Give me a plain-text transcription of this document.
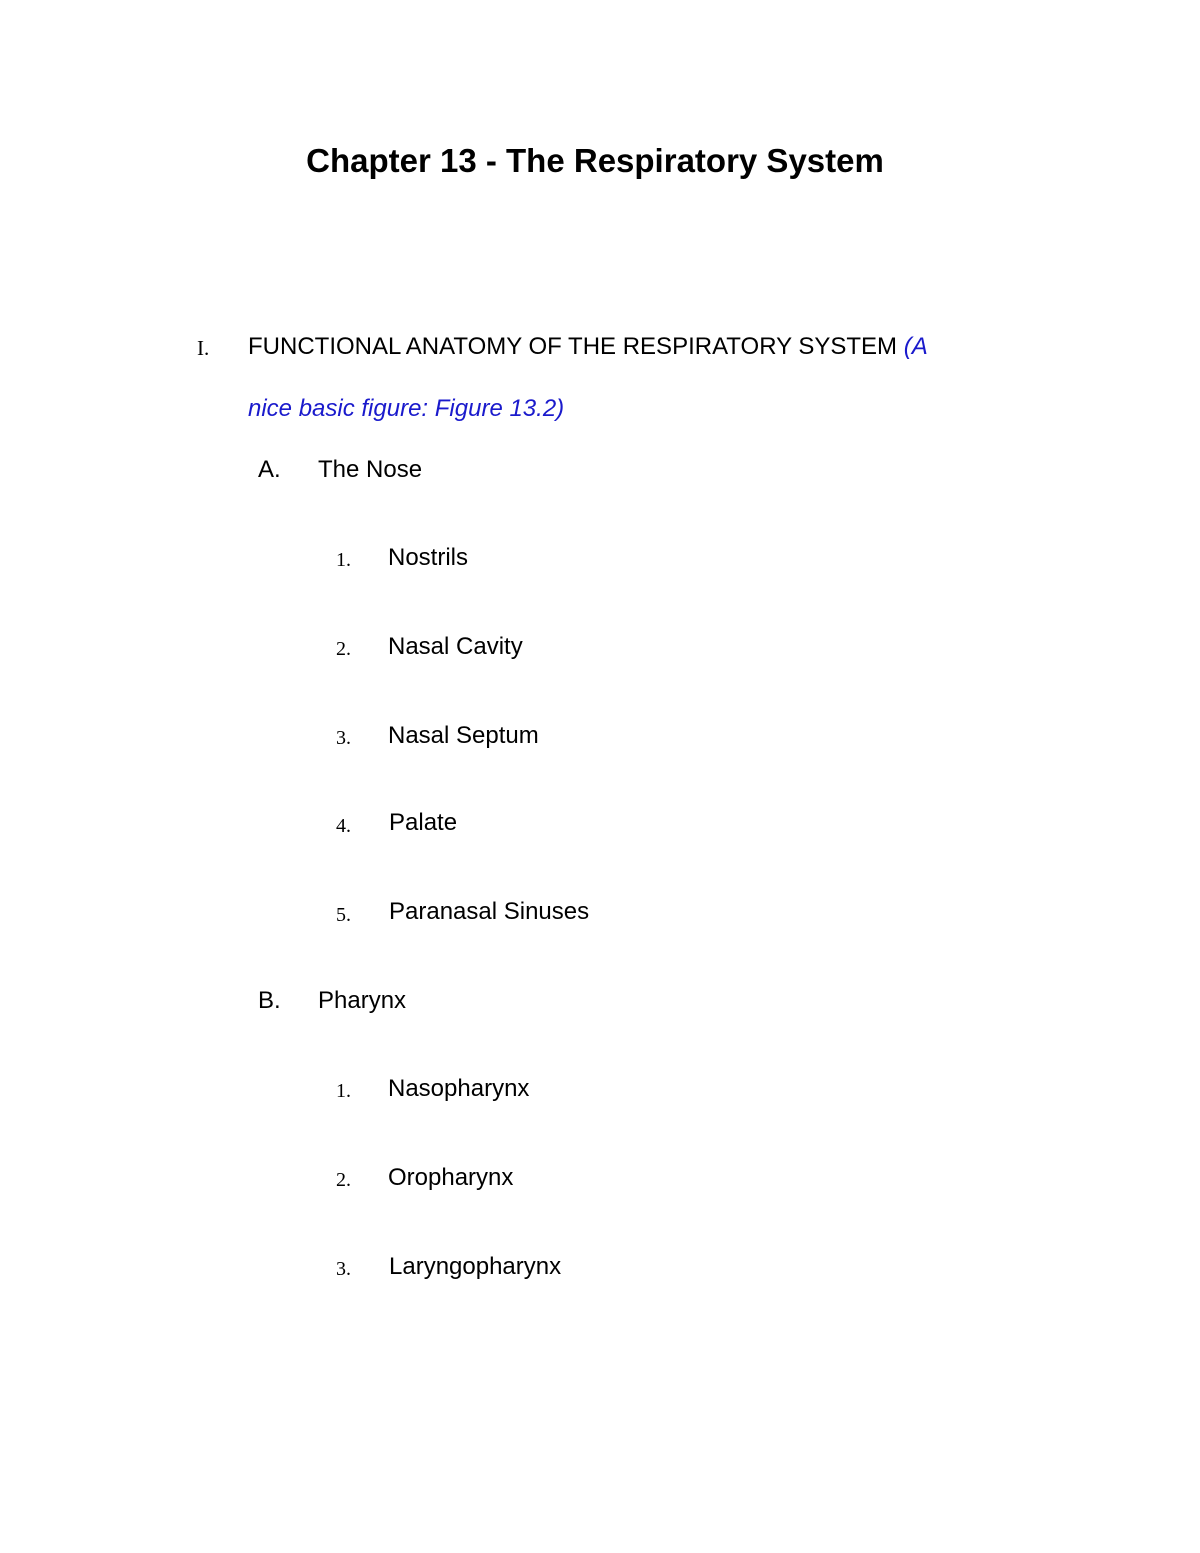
Chapter 13 - The Respiratory System
I. FUNCTIONAL ANATOMY OF THE RESPIRATORY SYSTEM (A
nice basic figure: Figure 13.2)
A. The Nose
1. Nostrils
2. Nasal Cavity
3. Nasal Septum
4. Palate
5. Paranasal Sinuses
B. Pharynx
1. Nasopharynx
2. Oropharynx
3. Laryngopharynx
